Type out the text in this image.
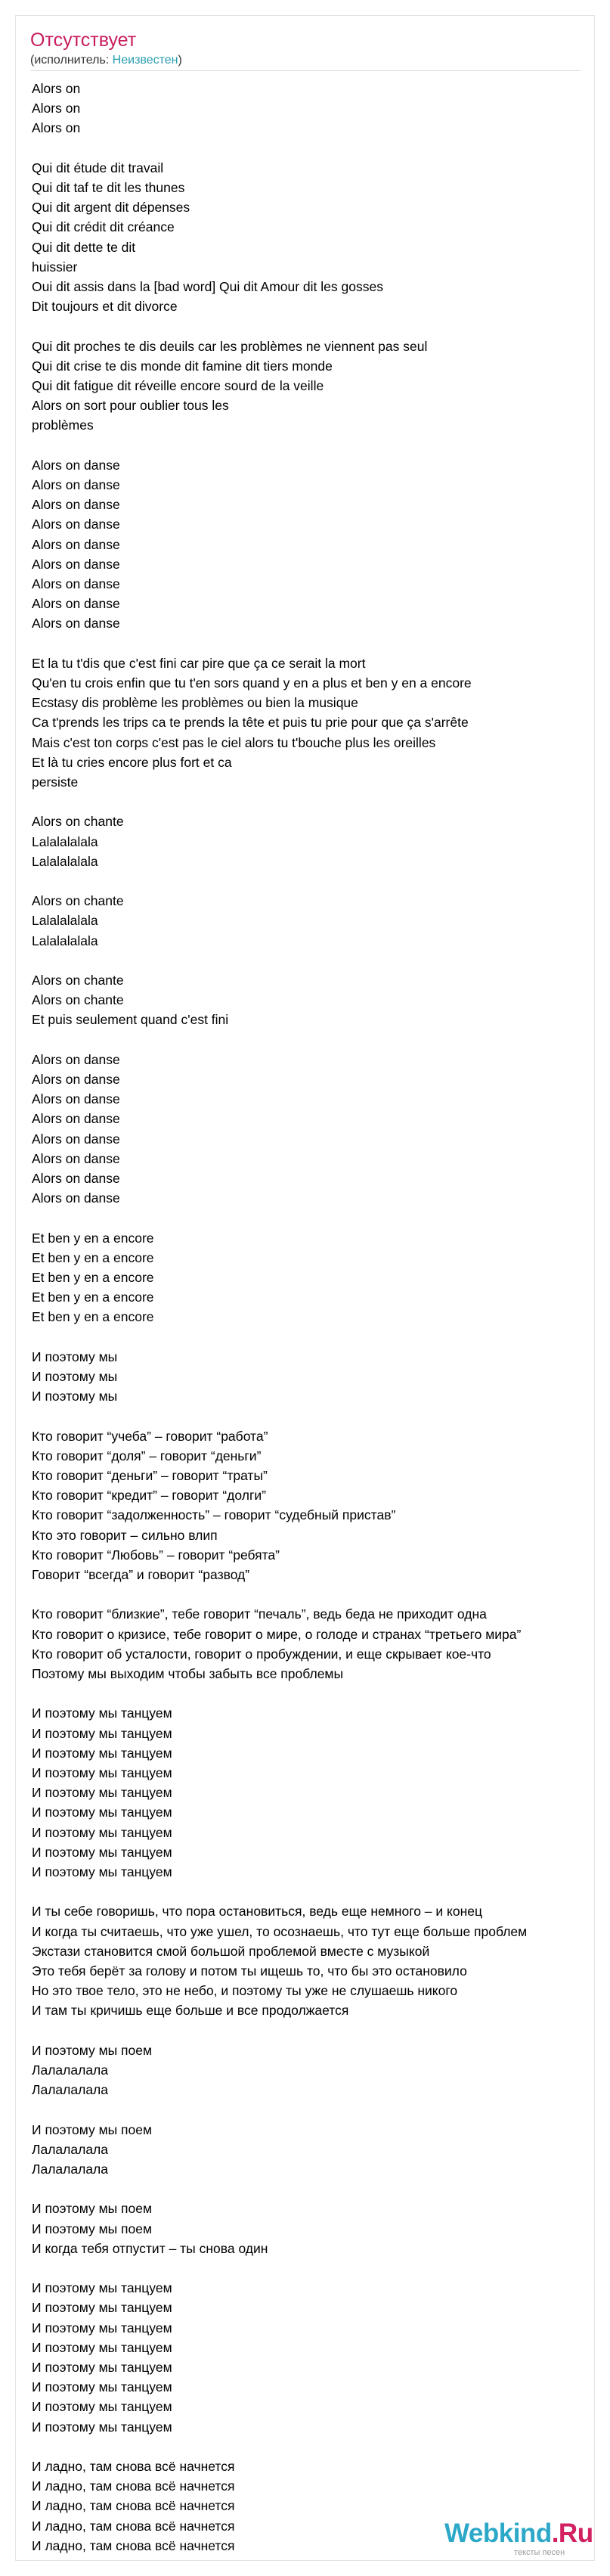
Отсутствует
(исполнитель: Неизвестен)
Alors on
Alors on
Alors on
Qui dit étude dit travail
Qui dit taf te dit les thunes
Qui dit argent dit dépenses
Qui dit crédit dit créance
Qui dit dette te dit
huissier
Oui dit assis dans la [bad word] Qui dit Amour dit les gosses
Dit toujours et dit divorce
Qui dit proches te dis deuils car les problèmes ne viennent pas seul
Qui dit crise te dis monde dit famine dit tiers monde
Qui dit fatigue dit réveille encore sourd de la veille
Alors on sort pour oublier tous les
problèmes
Alors on danse
Alors on danse
Alors on danse
Alors on danse
Alors on danse
Alors on danse
Alors on danse
Alors on danse
Alors on danse
Et la tu t'dis que c'est fini car pire que ça ce serait la mort
Qu'en tu crois enfin que tu t'en sors quand y en a plus et ben y en a encore
Ecstasy dis problème les problèmes ou bien la musique
Ca t'prends les trips ca te prends la tête et puis tu prie pour que ça s'arrête
Mais c'est ton corps c'est pas le ciel alors tu t'bouche plus les oreilles
Et là tu cries encore plus fort et ca
persiste
Alors on chante
Lalalalalala
Lalalalalala
Alors on chante
Lalalalalala
Lalalalalala
Alors on chante
Alors on chante
Et puis seulement quand c'est fini
Alors on danse
Alors on danse
Alors on danse
Alors on danse
Alors on danse
Alors on danse
Alors on danse
Alors on danse
Et ben y en a encore
Et ben y en a encore
Et ben y en a encore
Et ben y en a encore
Et ben y en a encore
И поэтому мы
И поэтому мы
И поэтому мы
Кто говорит “учеба” – говорит “работа”
Кто говорит “доля” – говорит “деньги”
Кто говорит “деньги” – говорит “траты”
Кто говорит “кредит” – говорит “долги”
Кто говорит “задолженность” – говорит “судебный пристав”
Кто это говорит – сильно влип
Кто говорит “Любовь” – говорит “ребята”
Говорит “всегда” и говорит “развод”
Кто говорит “близкие”, тебе говорит “печаль”, ведь беда не приходит одна
Кто говорит о кризисе, тебе говорит о мире, о голоде и странах “третьего мира”
Кто говорит об усталости, говорит о пробуждении, и еще скрывает кое-что
Поэтому мы выходим чтобы забыть все проблемы
И поэтому мы танцуем
И поэтому мы танцуем
И поэтому мы танцуем
И поэтому мы танцуем
И поэтому мы танцуем
И поэтому мы танцуем
И поэтому мы танцуем
И поэтому мы танцуем
И поэтому мы танцуем
И ты себе говоришь, что пора остановиться, ведь еще немного – и конец
И когда ты считаешь, что уже ушел, то осознаешь, что тут еще больше проблем
Экстази становится смой большой проблемой вместе с музыкой
Это тебя берёт за голову и потом ты ищешь то, что бы это остановило
Но это твое тело, это не небо, и поэтому ты уже не слушаешь никого
И там ты кричишь еще больше и все продолжается
И поэтому мы поем
Лалалалала
Лалалалала
И поэтому мы поем
Лалалалала
Лалалалала
И поэтому мы поем
И поэтому мы поем
И когда тебя отпустит – ты снова один
И поэтому мы танцуем
И поэтому мы танцуем
И поэтому мы танцуем
И поэтому мы танцуем
И поэтому мы танцуем
И поэтому мы танцуем
И поэтому мы танцуем
И поэтому мы танцуем
И ладно, там снова всё начнется
И ладно, там снова всё начнется
И ладно, там снова всё начнется
И ладно, там снова всё начнется
И ладно, там снова всё начнется	Webkind.Ru
тексты песен
